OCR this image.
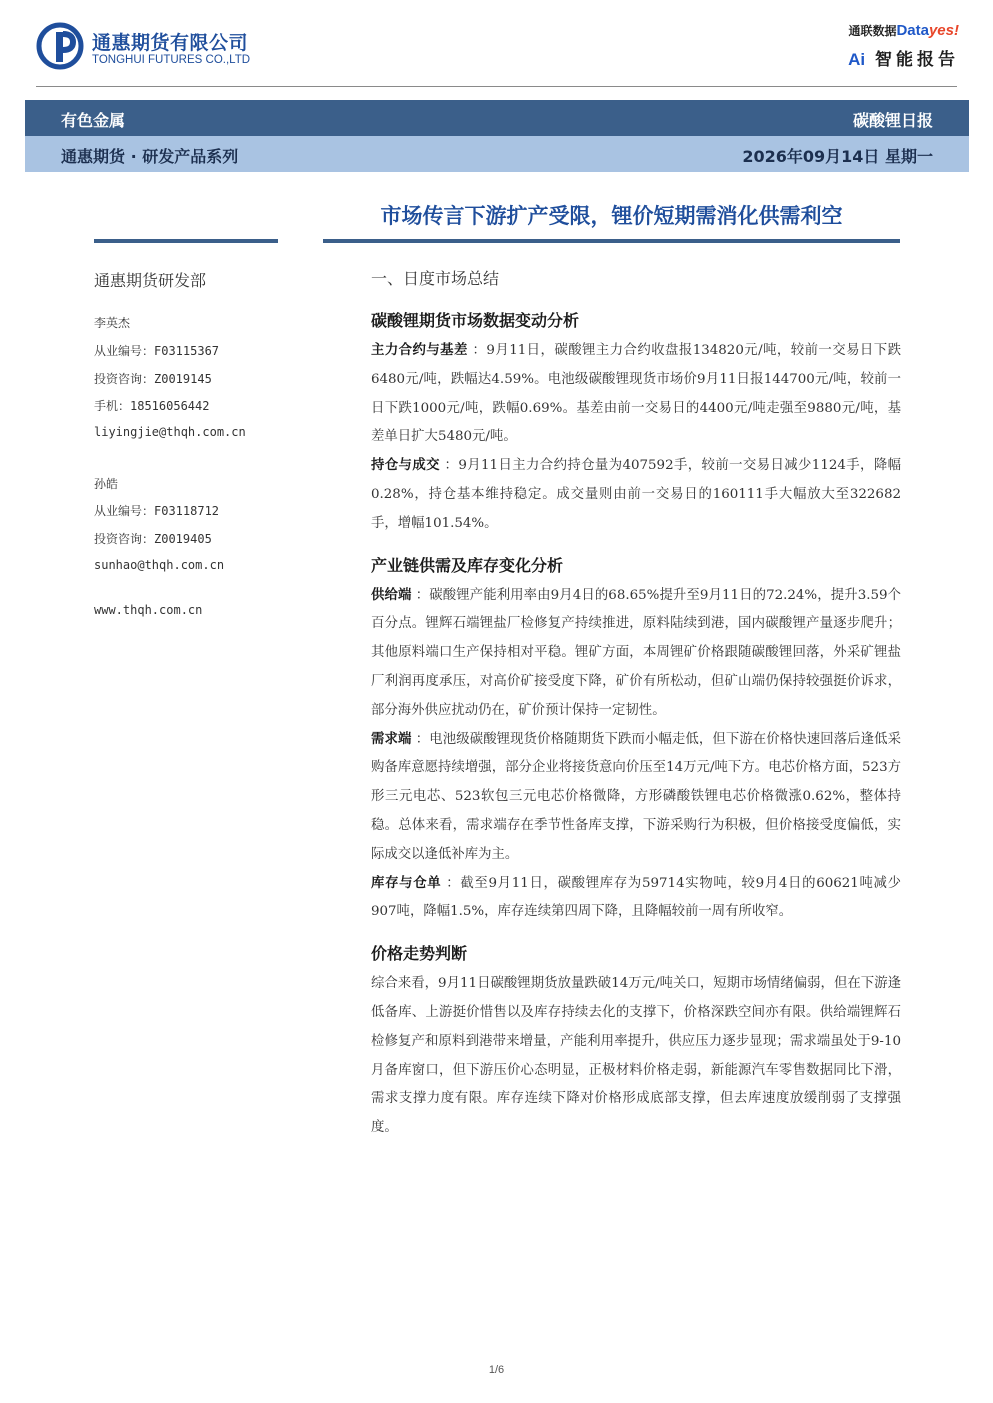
通惠期货有限公司
TONGHUI FUTURES CO.,LTD
通联数据Datayes!
Ai 智能报告
有色金属	碳酸锂日报
通惠期货 · 研发产品系列	2026年09月14日 星期一
市场传言下游扩产受限，锂价短期需消化供需利空
通惠期货研发部
李英杰
从业编号：F03115367
投资咨询：Z0019145
手机：18516056442
liyingjie@thqh.com.cn
孙皓
从业编号：F03118712
投资咨询：Z0019405
sunhao@thqh.com.cn
www.thqh.com.cn
一、日度市场总结
碳酸锂期货市场数据变动分析

主力合约与基差 ：9月11日，碳酸锂主力合约收盘报134820元/吨，较前一交易日下跌6480元/吨，跌幅达4.59%。电池级碳酸锂现货市场价9月11日报144700元/吨，较前一日下跌1000元/吨，跌幅0.69%。基差由前一交易日的4400元/吨走强至9880元/吨，基差单日扩大5480元/吨。

持仓与成交 ：9月11日主力合约持仓量为407592手，较前一交易日减少1124手，降幅0.28%，持仓基本维持稳定。成交量则由前一交易日的160111手大幅放大至322682手，增幅101.54%。

产业链供需及库存变化分析

供给端 ：碳酸锂产能利用率由9月4日的68.65%提升至9月11日的72.24%，提升3.59个百分点。锂辉石端锂盐厂检修复产持续推进，原料陆续到港，国内碳酸锂产量逐步爬升；其他原料端口生产保持相对平稳。锂矿方面，本周锂矿价格跟随碳酸锂回落，外采矿锂盐厂利润再度承压，对高价矿接受度下降，矿价有所松动，但矿山端仍保持较强挺价诉求，部分海外供应扰动仍在，矿价预计保持一定韧性。

需求端 ：电池级碳酸锂现货价格随期货下跌而小幅走低，但下游在价格快速回落后逢低采购备库意愿持续增强，部分企业将接货意向价压至14万元/吨下方。电芯价格方面，523方形三元电芯、523软包三元电芯价格微降，方形磷酸铁锂电芯价格微涨0.62%，整体持稳。总体来看，需求端存在季节性备库支撑，下游采购行为积极，但价格接受度偏低，实际成交以逢低补库为主。

库存与仓单 ：截至9月11日，碳酸锂库存为59714实物吨，较9月4日的60621吨减少907吨，降幅1.5%，库存连续第四周下降，且降幅较前一周有所收窄。

价格走势判断

综合来看，9月11日碳酸锂期货放量跌破14万元/吨关口，短期市场情绪偏弱，但在下游逢低备库、上游挺价惜售以及库存持续去化的支撑下，价格深跌空间亦有限。供给端锂辉石检修复产和原料到港带来增量，产能利用率提升，供应压力逐步显现；需求端虽处于9-10月备库窗口，但下游压价心态明显，正极材料价格走弱，新能源汽车零售数据同比下滑，需求支撑力度有限。库存连续下降对价格形成底部支撑，但去库速度放缓削弱了支撑强度。

1/6
